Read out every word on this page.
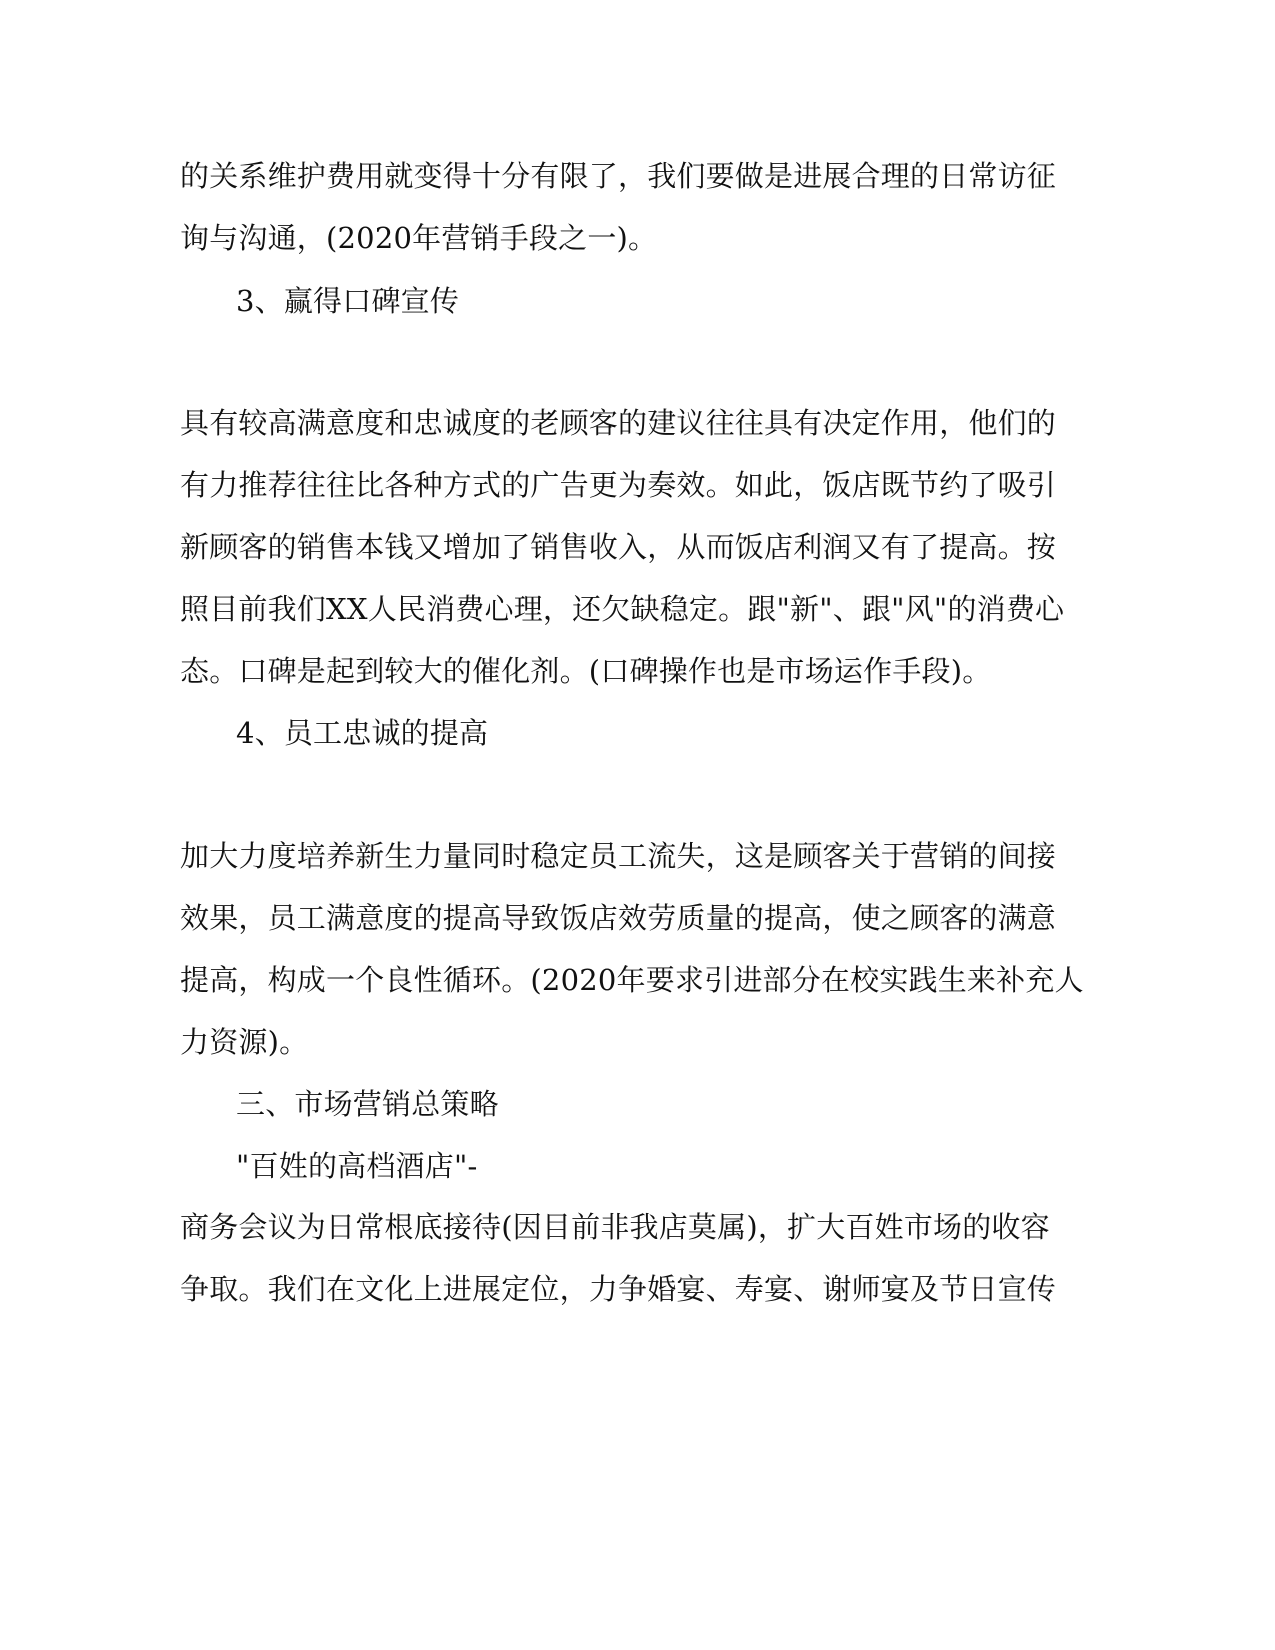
的关系维护费用就变得十分有限了，我们要做是进展合理的日常访征
询与沟通，(2020年营销手段之一)。
3、赢得口碑宣传
具有较高满意度和忠诚度的老顾客的建议往往具有决定作用，他们的
有力推荐往往比各种方式的广告更为奏效。如此，饭店既节约了吸引
新顾客的销售本钱又增加了销售收入，从而饭店利润又有了提高。按
照目前我们XX人民消费心理，还欠缺稳定。跟"新"、跟"风"的消费心
态。口碑是起到较大的催化剂。(口碑操作也是市场运作手段)。
4、员工忠诚的提高
加大力度培养新生力量同时稳定员工流失，这是顾客关于营销的间接
效果，员工满意度的提高导致饭店效劳质量的提高，使之顾客的满意
提高，构成一个良性循环。(2020年要求引进部分在校实践生来补充人
力资源)。
三、市场营销总策略
"百姓的高档酒店"-
商务会议为日常根底接待(因目前非我店莫属)，扩大百姓市场的收容
争取。我们在文化上进展定位，力争婚宴、寿宴、谢师宴及节日宣传
